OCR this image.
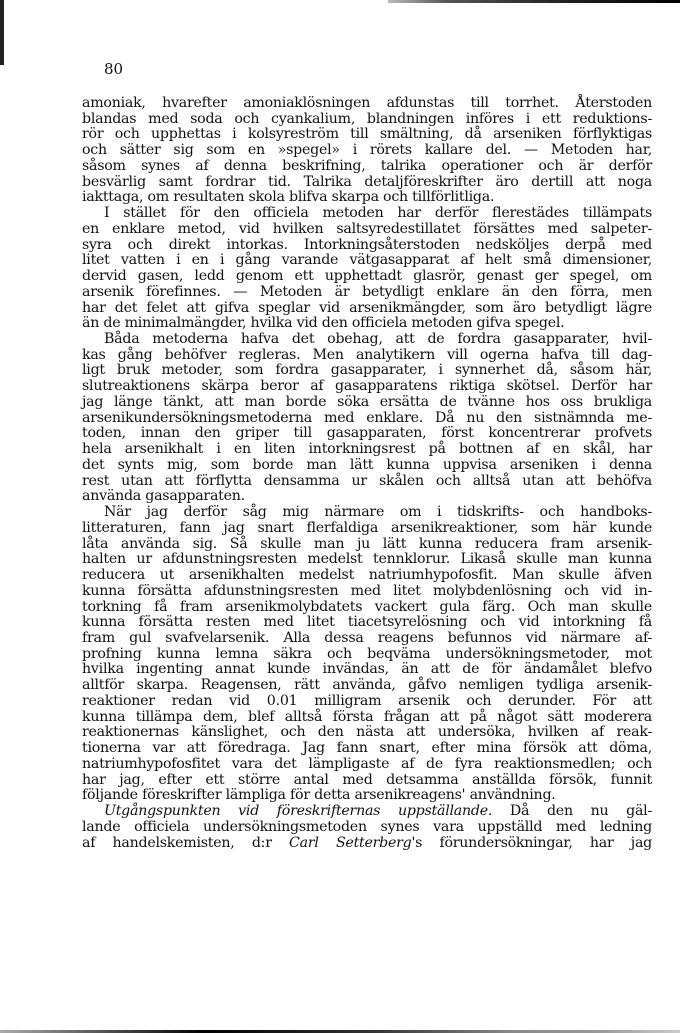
80
amoniak, hvarefter amoniaklösningen afdunstas till torrhet. Återstoden
blandas med soda och cyankalium, blandningen införes i ett reduktions-
rör och upphettas i kolsyreström till smältning, då arseniken förflyktigas
och sätter sig som en »spegel» i rörets kallare del. — Metoden har,
såsom synes af denna beskrifning, talrika operationer och är derför
besvärlig samt fordrar tid. Talrika detaljföreskrifter äro dertill att noga
iakttaga, om resultaten skola blifva skarpa och tillförlitliga.
I stället för den officiela metoden har derför flerestädes tillämpats
en enklare metod, vid hvilken saltsyredestillatet försättes med salpeter-
syra och direkt intorkas. Intorkningsåterstoden nedsköljes derpå med
litet vatten i en i gång varande vätgasapparat af helt små dimensioner,
dervid gasen, ledd genom ett upphettadt glasrör, genast ger spegel, om
arsenik förefinnes. — Metoden är betydligt enklare än den förra, men
har det felet att gifva speglar vid arsenikmängder, som äro betydligt lägre
än de minimalmängder, hvilka vid den officiela metoden gifva spegel.
Båda metoderna hafva det obehag, att de fordra gasapparater, hvil-
kas gång behöfver regleras. Men analytikern vill ogerna hafva till dag-
ligt bruk metoder, som fordra gasapparater, i synnerhet då, såsom här,
slutreaktionens skärpa beror af gasapparatens riktiga skötsel. Derför har
jag länge tänkt, att man borde söka ersätta de tvänne hos oss brukliga
arsenikundersökningsmetoderna med enklare. Då nu den sistnämnda me-
toden, innan den griper till gasapparaten, först koncentrerar profvets
hela arsenikhalt i en liten intorkningsrest på bottnen af en skål, har
det synts mig, som borde man lätt kunna uppvisa arseniken i denna
rest utan att förflytta densamma ur skålen och alltså utan att behöfva
använda gasapparaten.
När jag derför såg mig närmare om i tidskrifts- och handboks-
litteraturen, fann jag snart flerfaldiga arsenikreaktioner, som här kunde
låta använda sig. Så skulle man ju lätt kunna reducera fram arsenik-
halten ur afdunstningsresten medelst tennklorur. Likaså skulle man kunna
reducera ut arsenikhalten medelst natriumhypofosfit. Man skulle äfven
kunna försätta afdunstningsresten med litet molybdenlösning och vid in-
torkning få fram arsenikmolybdatets vackert gula färg. Och man skulle
kunna försätta resten med litet tiacetsyrelösning och vid intorkning få
fram gul svafvelarsenik. Alla dessa reagens befunnos vid närmare af-
profning kunna lemna säkra och beqväma undersökningsmetoder, mot
hvilka ingenting annat kunde invändas, än att de för ändamålet blefvo
alltför skarpa. Reagensen, rätt använda, gåfvo nemligen tydliga arsenik-
reaktioner redan vid 0.01 milligram arsenik och derunder. För att
kunna tillämpa dem, blef alltså första frågan att på något sätt moderera
reaktionernas känslighet, och den nästa att undersöka, hvilken af reak-
tionerna var att föredraga. Jag fann snart, efter mina försök att döma,
natriumhypofosfitet vara det lämpligaste af de fyra reaktionsmedlen; och
har jag, efter ett större antal med detsamma anställda försök, funnit
följande föreskrifter lämpliga för detta arsenikreagens' användning.
Utgångspunkten vid föreskrifternas uppställande. Då den nu gäl-
lande officiela undersökningsmetoden synes vara uppställd med ledning
af handelskemisten, d:r Carl Setterberg's förundersökningar, har jag
